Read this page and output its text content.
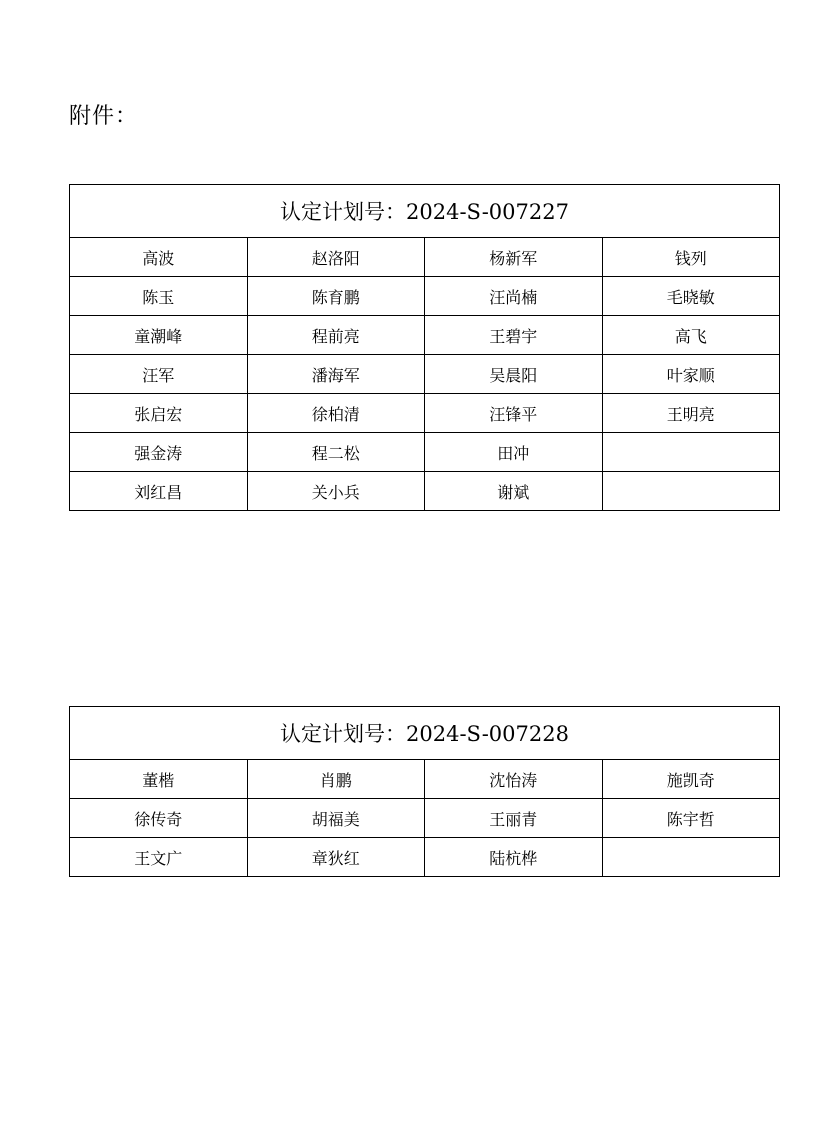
附件：
认定计划号：2024-S-007227			
高波	赵洛阳	杨新军	钱列
陈玉	陈育鹏	汪尚楠	毛晓敏
童潮峰	程前亮	王碧宇	高飞
汪军	潘海军	吴晨阳	叶家顺
张启宏	徐柏清	汪锋平	王明亮
强金涛	程二松	田冲	
刘红昌	关小兵	谢斌	
认定计划号：2024-S-007228			
董楷	肖鹏	沈怡涛	施凯奇
徐传奇	胡福美	王丽青	陈宇哲
王文广	章狄红	陆杭桦	
